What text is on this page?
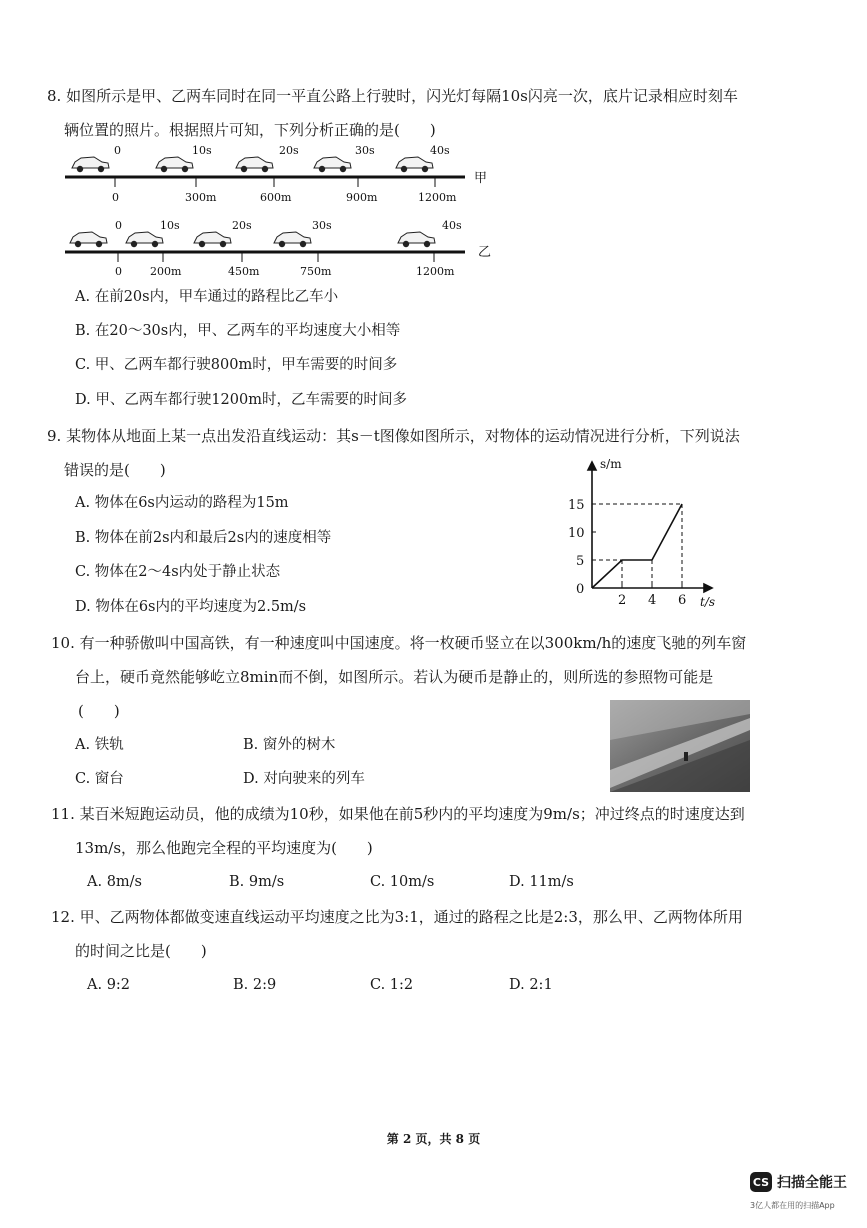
8. 如图所示是甲、乙两车同时在同一平直公路上行驶时，闪光灯每隔10s闪亮一次，底片记录相应时刻车
辆位置的照片。根据照片可知，下列分析正确的是(　　)
0	10s	20s	30s	40s
0	300m	600m	900m	1200m
甲
0	10s	20s	30s	40s
0	200m	450m	750m	1200m
乙
A. 在前20s内，甲车通过的路程比乙车小
B. 在20～30s内，甲、乙两车的平均速度大小相等
C. 甲、乙两车都行驶800m时，甲车需要的时间多
D. 甲、乙两车都行驶1200m时，乙车需要的时间多
9. 某物体从地面上某一点出发沿直线运动：其s－t图像如图所示，对物体的运动情况进行分析，下列说法
错误的是(　　)
A. 物体在6s内运动的路程为15m
B. 物体在前2s内和最后2s内的速度相等
C. 物体在2～4s内处于静止状态
D. 物体在6s内的平均速度为2.5m/s	2 4 6
5
10
15
s/m
t/s
0
10. 有一种骄傲叫中国高铁，有一种速度叫中国速度。将一枚硬币竖立在以300km/h的速度飞驰的列车窗
台上，硬币竟然能够屹立8min而不倒，如图所示。若认为硬币是静止的，则所选的参照物可能是
(　　)
A. 铁轨	B. 窗外的树木
C. 窗台	D. 对向驶来的列车
11. 某百米短跑运动员，他的成绩为10秒，如果他在前5秒内的平均速度为9m/s；冲过终点的时速度达到
13m/s，那么他跑完全程的平均速度为(　　)
A. 8m/s	B. 9m/s	C. 10m/s	D. 11m/s
12. 甲、乙两物体都做变速直线运动平均速度之比为3:1，通过的路程之比是2:3，那么甲、乙两物体所用
的时间之比是(　　)
A. 9:2	B. 2:9	C. 1:2	D. 2:1
第 2 页，共 8 页
CS 扫描全能王
3亿人都在用的扫描App
